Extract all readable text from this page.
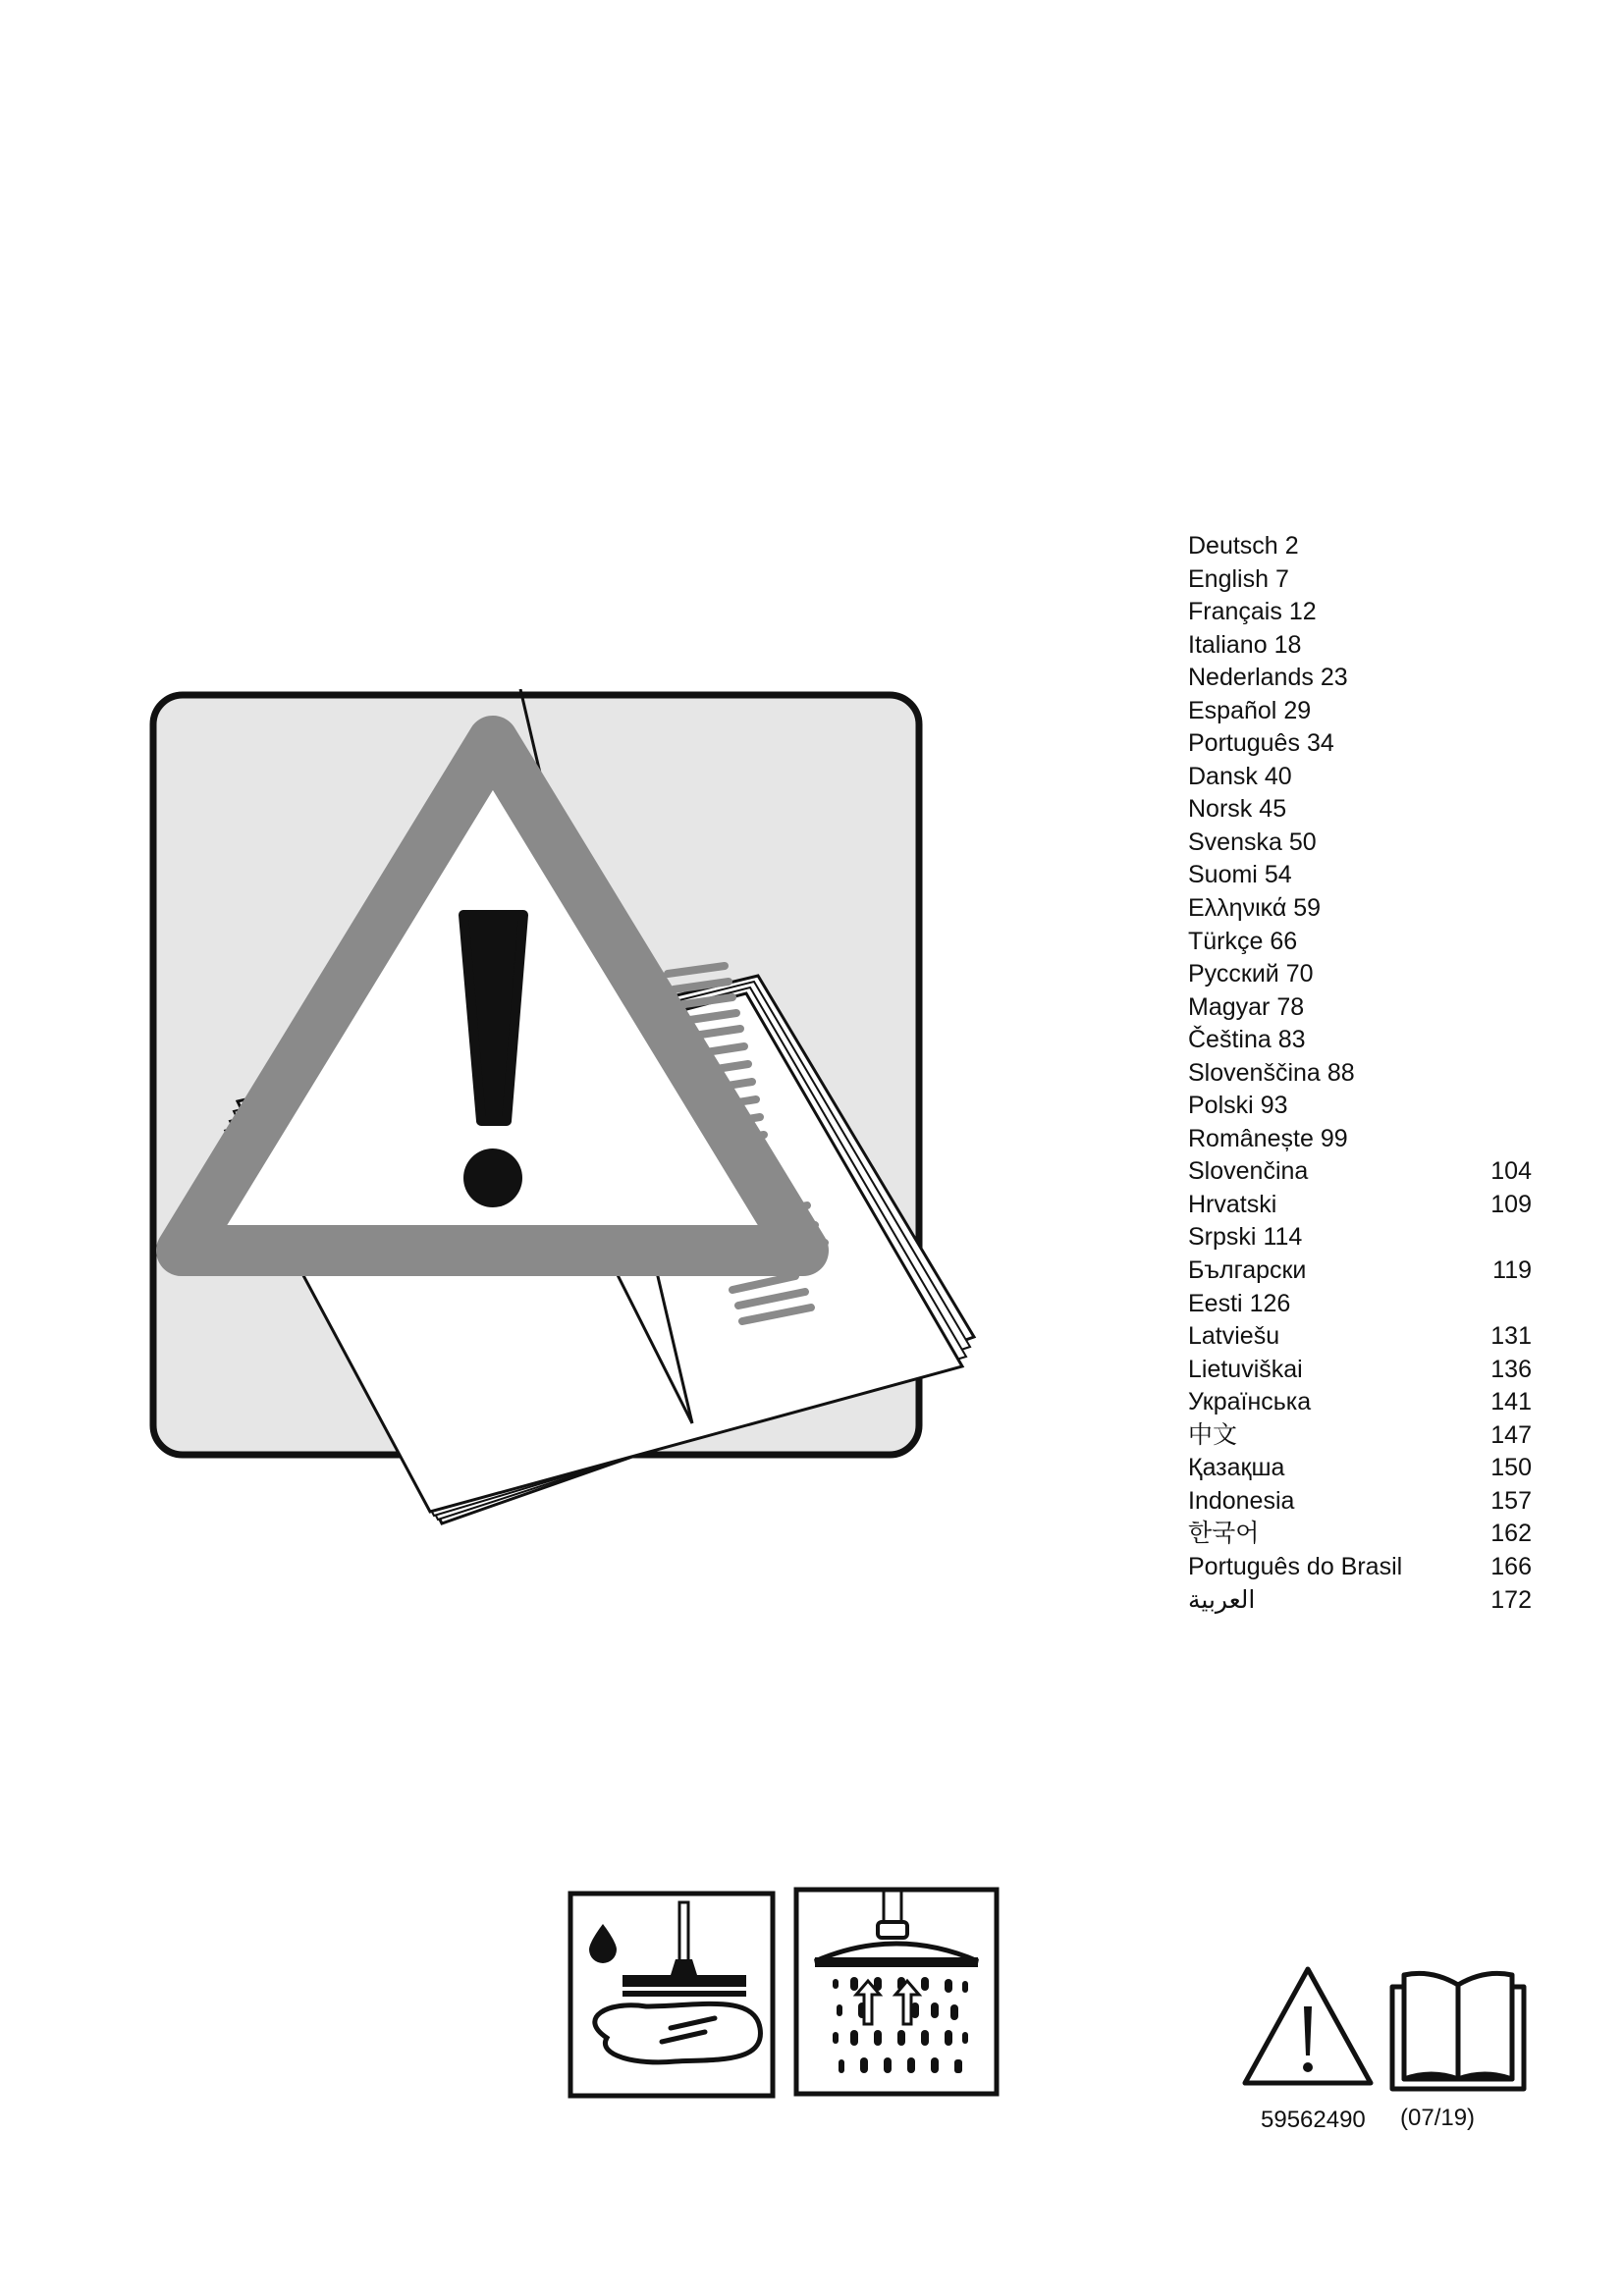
Deutsch 2
English 7
Français 12
Italiano 18
Nederlands 23
Español 29
Português 34
Dansk 40
Norsk 45
Svenska 50
Suomi 54
Ελληνικά 59
Türkçe 66
Русский 70
Magyar 78
Čeština 83
Slovenščina 88
Polski 93
Românește 99
Slovenčina	104
Hrvatski	109
Srpski 114
Български	119
Eesti 126
Latviešu	131
Lietuviškai	136
Українська	141
中文	147
Қазақша	150
Indonesia	157
한국어	162
Português do Brasil	166
العربية	172
59562490 (07/19)
